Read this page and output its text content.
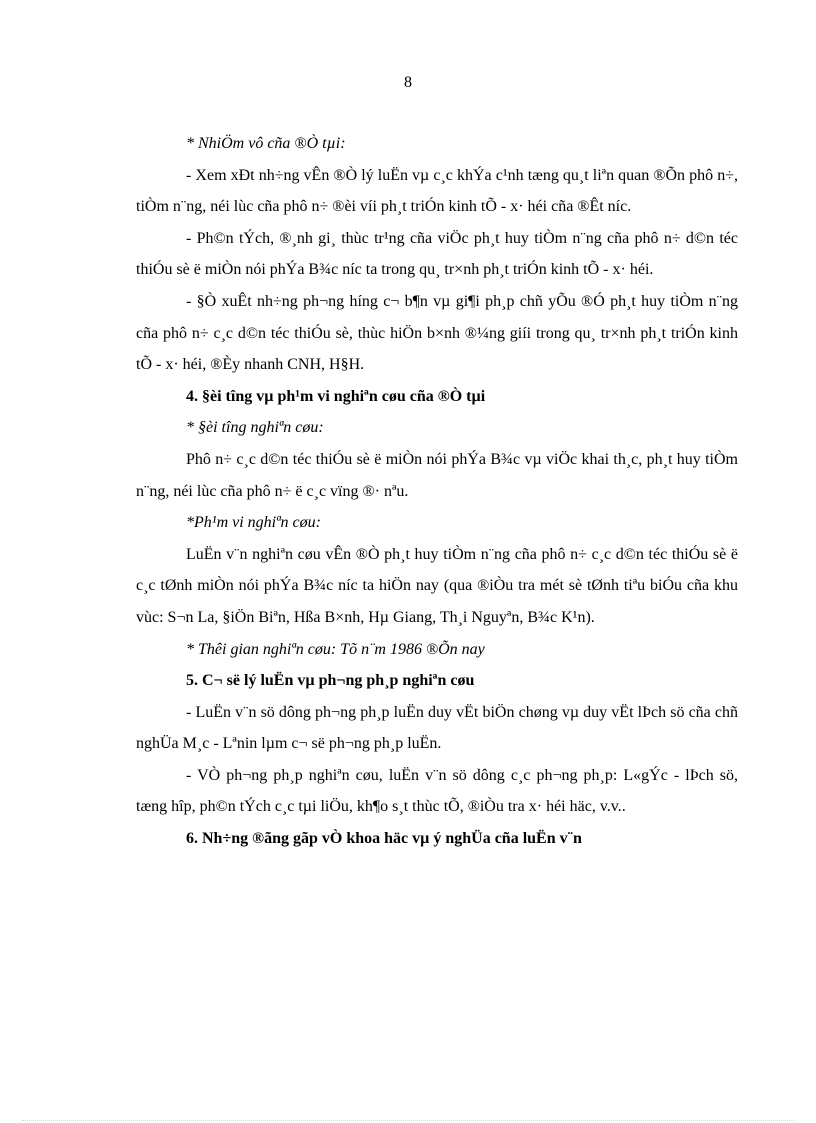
8

* NhiÖm vô cña ®Ò tµi:

- Xem xÐt nh÷ng vÊn ®Ò lý luËn vµ c¸c khÝa c¹nh tæng qu¸t liªn quan ®Õn phô n÷, tiÒm n¨ng, néi lùc cña phô n÷ ®èi víi ph¸t triÓn kinh tÕ - x· héi cña ®Êt níc.

- Ph©n tÝch, ®¸nh gi¸ thùc tr¹ng cña viÖc ph¸t huy tiÒm n¨ng cña phô n÷ d©n téc thiÓu sè ë miÒn nói phÝa B¾c níc ta trong qu¸ tr×nh ph¸t triÓn kinh tÕ - x· héi.

- §Ò xuÊt nh÷ng ph¬ng híng c¬ b¶n vµ gi¶i ph¸p chñ yÕu ®Ó ph¸t huy tiÒm n¨ng cña phô n÷ c¸c d©n téc thiÓu sè, thùc hiÖn b×nh ®¼ng giíi trong qu¸ tr×nh ph¸t triÓn kinh tÕ - x· héi, ®Èy nhanh CNH, H§H.

4. §èi tîng vµ ph¹m vi nghiªn cøu cña ®Ò tµi

* §èi tîng nghiªn cøu:

Phô n÷ c¸c d©n téc thiÓu sè ë miÒn nói phÝa B¾c vµ viÖc khai th¸c, ph¸t huy tiÒm n¨ng, néi lùc cña phô n÷ ë c¸c vïng ®· nªu.

*Ph¹m vi nghiªn cøu:

LuËn v¨n nghiªn cøu vÊn ®Ò ph¸t huy tiÒm n¨ng cña phô n÷ c¸c d©n téc thiÓu sè ë c¸c tØnh miÒn nói phÝa B¾c níc ta hiÖn nay (qua ®iÒu tra mét sè tØnh tiªu biÓu cña khu vùc: S¬n La, §iÖn Biªn, Hßa B×nh, Hµ Giang, Th¸i Nguyªn, B¾c K¹n).

* Thêi gian nghiªn cøu: Tõ n¨m 1986 ®Õn nay

5. C¬ së lý luËn vµ ph¬ng ph¸p nghiªn cøu

- LuËn v¨n sö dông ph¬ng ph¸p luËn duy vËt biÖn chøng vµ duy vËt lÞch sö cña chñ nghÜa M¸c - Lªnin lµm c¬ së ph¬ng ph¸p luËn.

- VÒ ph¬ng ph¸p nghiªn cøu, luËn v¨n sö dông c¸c ph¬ng ph¸p: L«gÝc - lÞch sö, tæng hîp, ph©n tÝch c¸c tµi liÖu, kh¶o s¸t thùc tÕ, ®iÒu tra x· héi häc, v.v..

6. Nh÷ng ®ãng gãp vÒ khoa häc vµ ý nghÜa cña luËn v¨n
